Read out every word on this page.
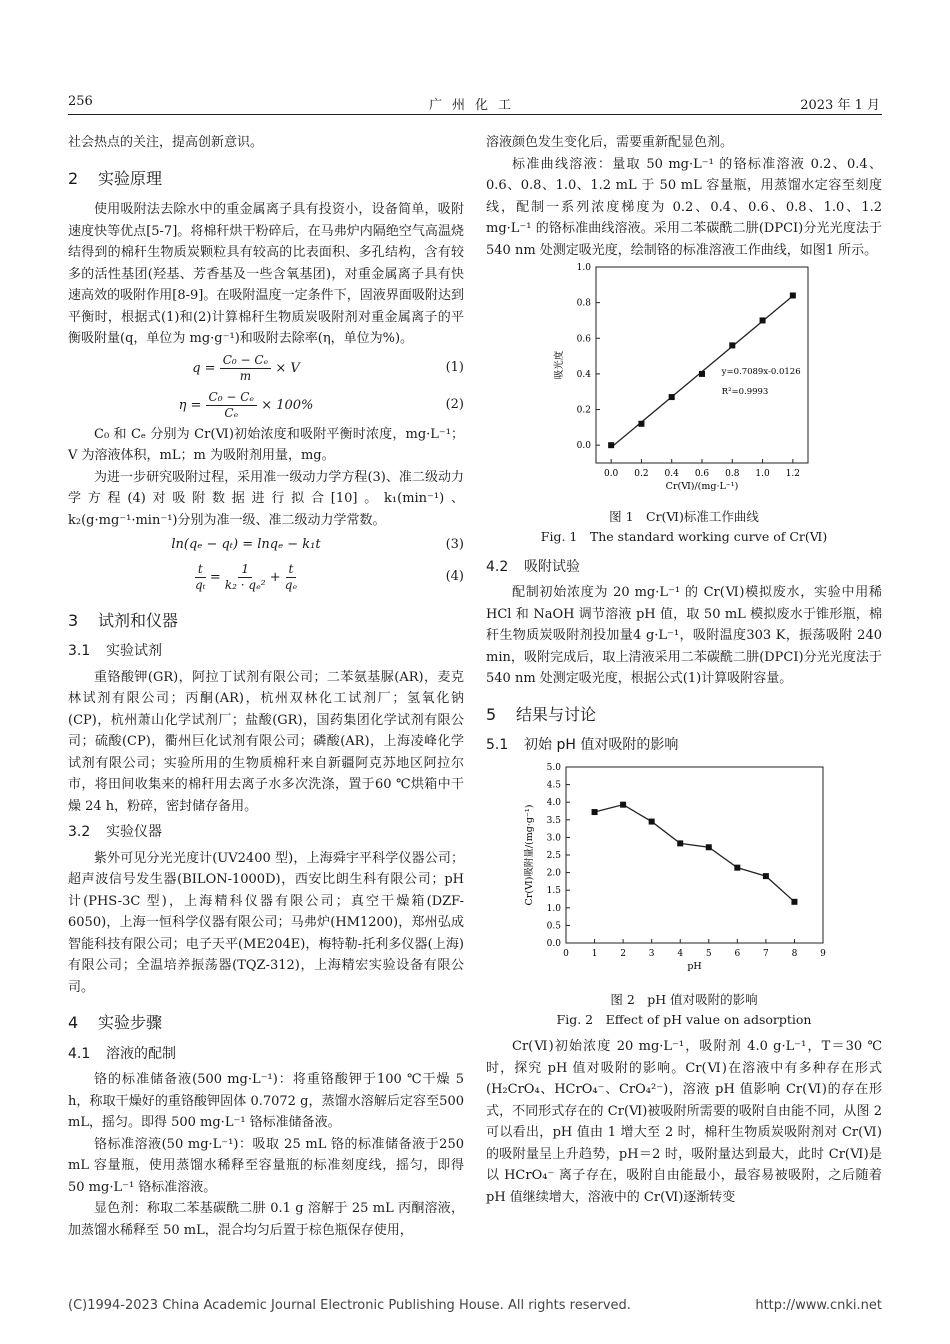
256	广州化工	2023 年 1 月

社会热点的关注，提高创新意识。

2 实验原理

使用吸附法去除水中的重金属离子具有投资小，设备简单，吸附速度快等优点[5-7]。将棉秆烘干粉碎后，在马弗炉内隔绝空气高温烧结得到的棉秆生物质炭颗粒具有较高的比表面积、多孔结构，含有较多的活性基团(羟基、芳香基及一些含氧基团)，对重金属离子具有快速高效的吸附作用[8-9]。在吸附温度一定条件下，固液界面吸附达到平衡时，根据式(1)和(2)计算棉秆生物质炭吸附剂对重金属离子的平衡吸附量(q，单位为 mg·g⁻¹)和吸附去除率(η，单位为%)。

$q = \frac{\text{C₀ − Cₑ}}{m} \times V$	(1)
$\eta = \frac{\text{C₀ − Cₑ}}{\text{Cₑ}} \times 100\%$	(2)

C₀ 和 Cₑ 分别为 Cr(Ⅵ)初始浓度和吸附平衡时浓度，mg·L⁻¹；V 为溶液体积，mL；m 为吸附剂用量，mg。

为进一步研究吸附过程，采用准一级动力学方程(3)、准二级动力学方程(4)对吸附数据进行拟合[10]。k₁(min⁻¹)、k₂(g·mg⁻¹·min⁻¹)分别为准一级、准二级动力学常数。

ln(qₑ − qₜ) = lnqₑ − k₁t	(3)
$\frac{t}{\text{qₜ}} = \frac{1}{\text{k₂ · qₑ²}} + \frac{t}{\text{qₑ}}$	(4)
3 试剂和仪器
3.1 实验试剂

重铬酸钾(GR)，阿拉丁试剂有限公司；二苯氨基脲(AR)，麦克林试剂有限公司；丙酮(AR)，杭州双林化工试剂厂；氢氧化钠(CP)，杭州萧山化学试剂厂；盐酸(GR)，国药集团化学试剂有限公司；硫酸(CP)，衢州巨化试剂有限公司；磷酸(AR)，上海凌峰化学试剂有限公司；实验所用的生物质棉秆来自新疆阿克苏地区阿拉尔市，将田间收集来的棉秆用去离子水多次洗涤，置于60 ℃烘箱中干燥 24 h，粉碎，密封储存备用。

3.2 实验仪器

紫外可见分光光度计(UV2400 型)，上海舜宇平科学仪器公司；超声波信号发生器(BILON-1000D)，西安比朗生科有限公司；pH 计(PHS-3C 型)，上海精科仪器有限公司；真空干燥箱(DZF-6050)，上海一恒科学仪器有限公司；马弗炉(HM1200)，郑州弘成智能科技有限公司；电子天平(ME204E)，梅特勒-托利多仪器(上海)有限公司；全温培养振荡器(TQZ-312)，上海精宏实验设备有限公司。

4 实验步骤
4.1 溶液的配制

铬的标准储备液(500 mg·L⁻¹)：将重铬酸钾于100 ℃干燥 5 h，称取干燥好的重铬酸钾固体 0.7072 g，蒸馏水溶解后定容至500 mL，摇匀。即得 500 mg·L⁻¹ 铬标准储备液。

铬标准溶液(50 mg·L⁻¹)：吸取 25 mL 铬的标准储备液于250 mL 容量瓶，使用蒸馏水稀释至容量瓶的标准刻度线，摇匀，即得 50 mg·L⁻¹ 铬标准溶液。

显色剂：称取二苯基碳酰二肼 0.1 g 溶解于 25 mL 丙酮溶液，加蒸馏水稀释至 50 mL，混合均匀后置于棕色瓶保存使用，

溶液颜色发生变化后，需要重新配显色剂。

标准曲线溶液：量取 50 mg·L⁻¹ 的铬标准溶液 0.2、0.4、0.6、0.8、1.0、1.2 mL 于 50 mL 容量瓶，用蒸馏水定容至刻度线，配制一系列浓度梯度为 0.2、0.4、0.6、0.8、1.0、1.2 mg·L⁻¹ 的铬标准曲线溶液。采用二苯碳酰二肼(DPCI)分光光度法于 540 nm 处测定吸光度，绘制铬的标准溶液工作曲线，如图1 所示。

0.0 0.2 0.4 0.6 0.8 1.0 1.2
0.0
0.2
0.4
0.6
0.8
1.0
Cr(Ⅵ)/(mg·L⁻¹)
吸光度	y=0.7089x-0.0126
R²=0.9993
图 1　Cr(Ⅵ)标准工作曲线
Fig. 1　The standard working curve of Cr(Ⅵ)
4.2 吸附试验

配制初始浓度为 20 mg·L⁻¹ 的 Cr(Ⅵ)模拟废水，实验中用稀 HCl 和 NaOH 调节溶液 pH 值，取 50 mL 模拟废水于锥形瓶，棉秆生物质炭吸附剂投加量4 g·L⁻¹，吸附温度303 K，振荡吸附 240 min，吸附完成后，取上清液采用二苯碳酰二肼(DPCI)分光光度法于 540 nm 处测定吸光度，根据公式(1)计算吸附容量。

5 结果与讨论
5.1 初始 pH 值对吸附的影响
0	1	2	3	4	5	6	7	8	9
0.0
0.5
1.0
1.5
2.0
2.5
3.0
3.5
4.0
4.5
5.0
pH
Cr(Ⅵ)吸附量/(mg·g⁻¹)
图 2　pH 值对吸附的影响
Fig. 2　Effect of pH value on adsorption

Cr(Ⅵ)初始浓度 20 mg·L⁻¹，吸附剂 4.0 g·L⁻¹，T＝30 ℃时，探究 pH 值对吸附的影响。Cr(Ⅵ)在溶液中有多种存在形式(H₂CrO₄、HCrO₄⁻、CrO₄²⁻)，溶液 pH 值影响 Cr(Ⅵ)的存在形式，不同形式存在的 Cr(Ⅵ)被吸附所需要的吸附自由能不同，从图 2 可以看出，pH 值由 1 增大至 2 时，棉秆生物质炭吸附剂对 Cr(Ⅵ)的吸附量呈上升趋势，pH＝2 时，吸附量达到最大，此时 Cr(Ⅵ)是以 HCrO₄⁻ 离子存在，吸附自由能最小，最容易被吸附，之后随着 pH 值继续增大，溶液中的 Cr(Ⅵ)逐渐转变

(C)1994-2023 China Academic Journal Electronic Publishing House. All rights reserved.	http://www.cnki.net
